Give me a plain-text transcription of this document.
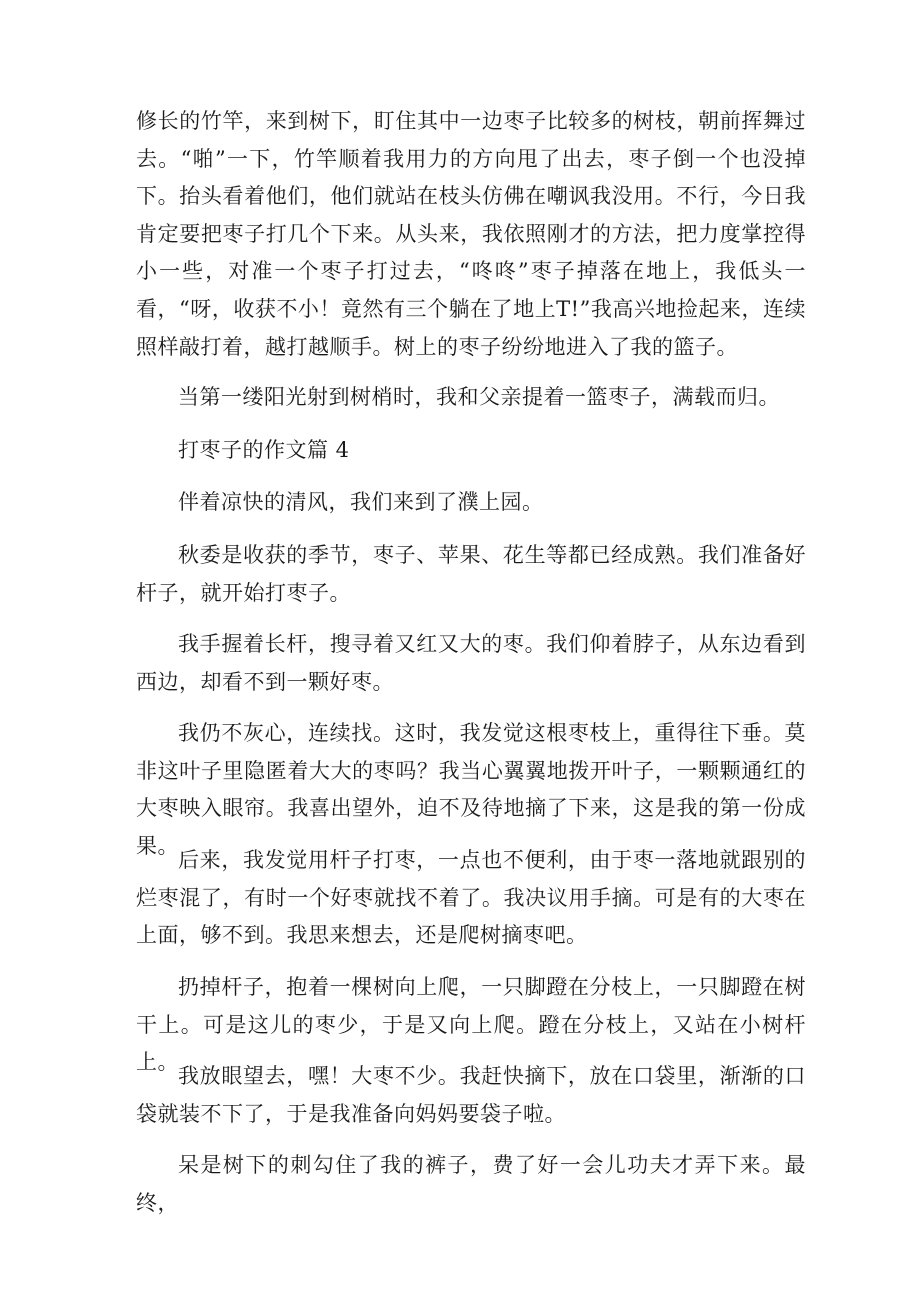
修长的竹竿，来到树下，盯住其中一边枣子比较多的树枝，朝前挥舞过去。“啪”一下，竹竿顺着我用力的方向甩了出去，枣子倒一个也没掉下。抬头看着他们，他们就站在枝头仿佛在嘲讽我没用。不行，今日我肯定要把枣子打几个下来。从头来，我依照刚才的方法，把力度掌控得小一些，对准一个枣子打过去，“咚咚”枣子掉落在地上，我低头一看，“呀，收获不小！竟然有三个躺在了地上T!”我高兴地捡起来，连续照样敲打着，越打越顺手。树上的枣子纷纷地进入了我的篮子。

当第一缕阳光射到树梢时，我和父亲提着一篮枣子，满载而归。

打枣子的作文篇 4

伴着凉快的清风，我们来到了濮上园。

秋委是收获的季节，枣子、苹果、花生等都已经成熟。我们准备好杆子，就开始打枣子。

我手握着长杆，搜寻着又红又大的枣。我们仰着脖子，从东边看到西边，却看不到一颗好枣。

我仍不灰心，连续找。这时，我发觉这根枣枝上，重得往下垂。莫非这叶子里隐匿着大大的枣吗？我当心翼翼地拨开叶子，一颗颗通红的大枣映入眼帘。我喜出望外，迫不及待地摘了下来，这是我的第一份成果。

后来，我发觉用杆子打枣，一点也不便利，由于枣一落地就跟别的烂枣混了，有时一个好枣就找不着了。我决议用手摘。可是有的大枣在上面，够不到。我思来想去，还是爬树摘枣吧。

扔掉杆子，抱着一棵树向上爬，一只脚蹬在分枝上，一只脚蹬在树干上。可是这儿的枣少，于是又向上爬。蹬在分枝上，又站在小树杆上。

我放眼望去，嘿！大枣不少。我赶快摘下，放在口袋里，渐渐的口袋就装不下了，于是我准备向妈妈要袋子啦。

呆是树下的刺勾住了我的裤子，费了好一会儿功夫才弄下来。最终，
